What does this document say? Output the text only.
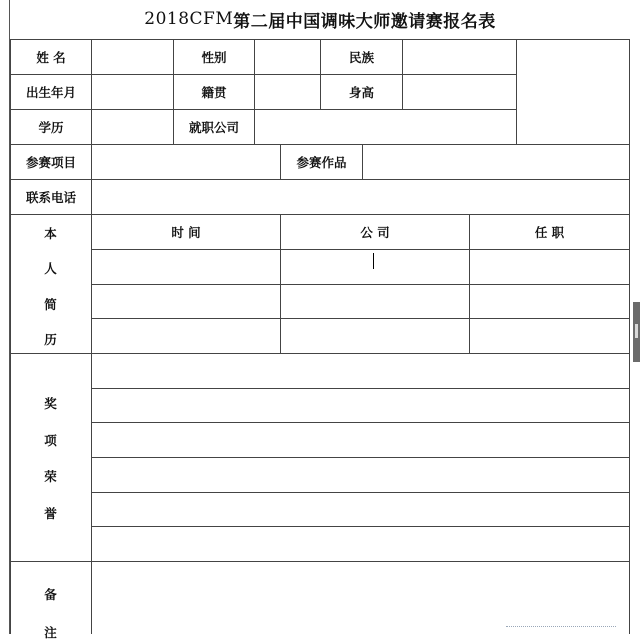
2018CFM 第二届中国调味大师邀请赛报名表
姓 名	性别	民族
出生年月	籍贯	身高
学历	就职公司
参赛项目	参赛作品
联系电话
本
人
简
历
时 间	公 司	任 职
奖
项
荣
誉
备
注
